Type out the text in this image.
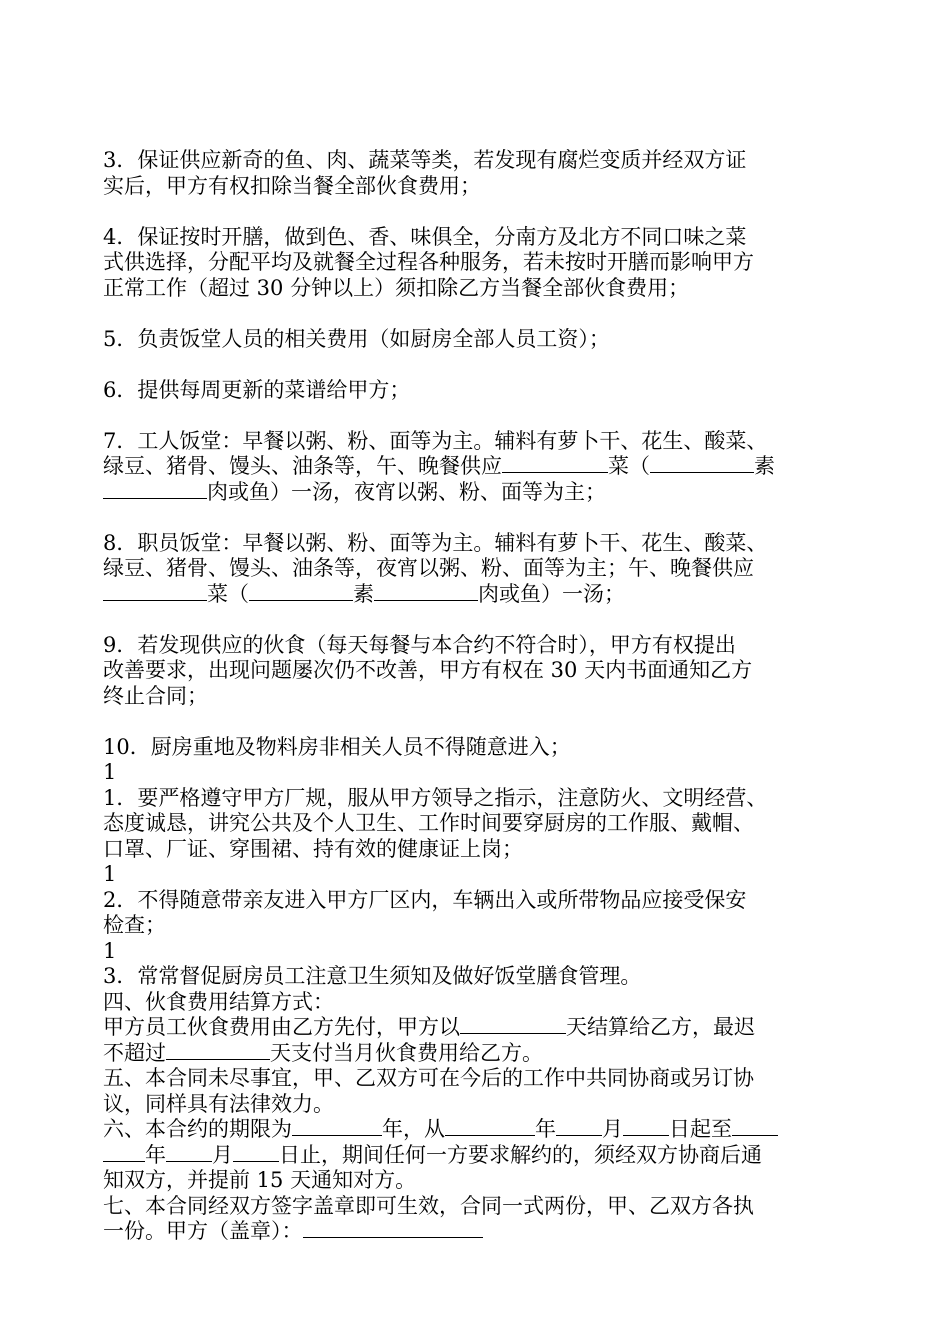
3．保证供应新奇的鱼、肉、蔬菜等类，若发现有腐烂变质并经双方证
实后，甲方有权扣除当餐全部伙食费用；
4．保证按时开膳，做到色、香、味俱全，分南方及北方不同口味之菜
式供选择，分配平均及就餐全过程各种服务，若未按时开膳而影响甲方
正常工作（超过 30 分钟以上）须扣除乙方当餐全部伙食费用；
5．负责饭堂人员的相关费用（如厨房全部人员工资）；
6．提供每周更新的菜谱给甲方；
7．工人饭堂：早餐以粥、粉、面等为主。辅料有萝卜干、花生、酸菜、
绿豆、猪骨、馒头、油条等，午、晚餐供应	菜（	素
肉或鱼）一汤，夜宵以粥、粉、面等为主；
8．职员饭堂：早餐以粥、粉、面等为主。辅料有萝卜干、花生、酸菜、
绿豆、猪骨、馒头、油条等，夜宵以粥、粉、面等为主；午、晚餐供应
菜（	素	肉或鱼）一汤；
9．若发现供应的伙食（每天每餐与本合约不符合时），甲方有权提出
改善要求，出现问题屡次仍不改善，甲方有权在 30 天内书面通知乙方
终止合同；
10．厨房重地及物料房非相关人员不得随意进入；
1
1．要严格遵守甲方厂规，服从甲方领导之指示，注意防火、文明经营、
态度诚恳，讲究公共及个人卫生、工作时间要穿厨房的工作服、戴帽、
口罩、厂证、穿围裙、持有效的健康证上岗；
1
2．不得随意带亲友进入甲方厂区内，车辆出入或所带物品应接受保安
检查；
1
3．常常督促厨房员工注意卫生须知及做好饭堂膳食管理。
四、伙食费用结算方式：
甲方员工伙食费用由乙方先付，甲方以	天结算给乙方，最迟
不超过	天支付当月伙食费用给乙方。
五、本合同未尽事宜，甲、乙双方可在今后的工作中共同协商或另订协
议，同样具有法律效力。
六、本合约的期限为	年，从	年 月 日起至
年 月 日止，期间任何一方要求解约的，须经双方协商后通
知双方，并提前 15 天通知对方。
七、本合同经双方签字盖章即可生效，合同一式两份，甲、乙双方各执
一份。甲方（盖章）：
